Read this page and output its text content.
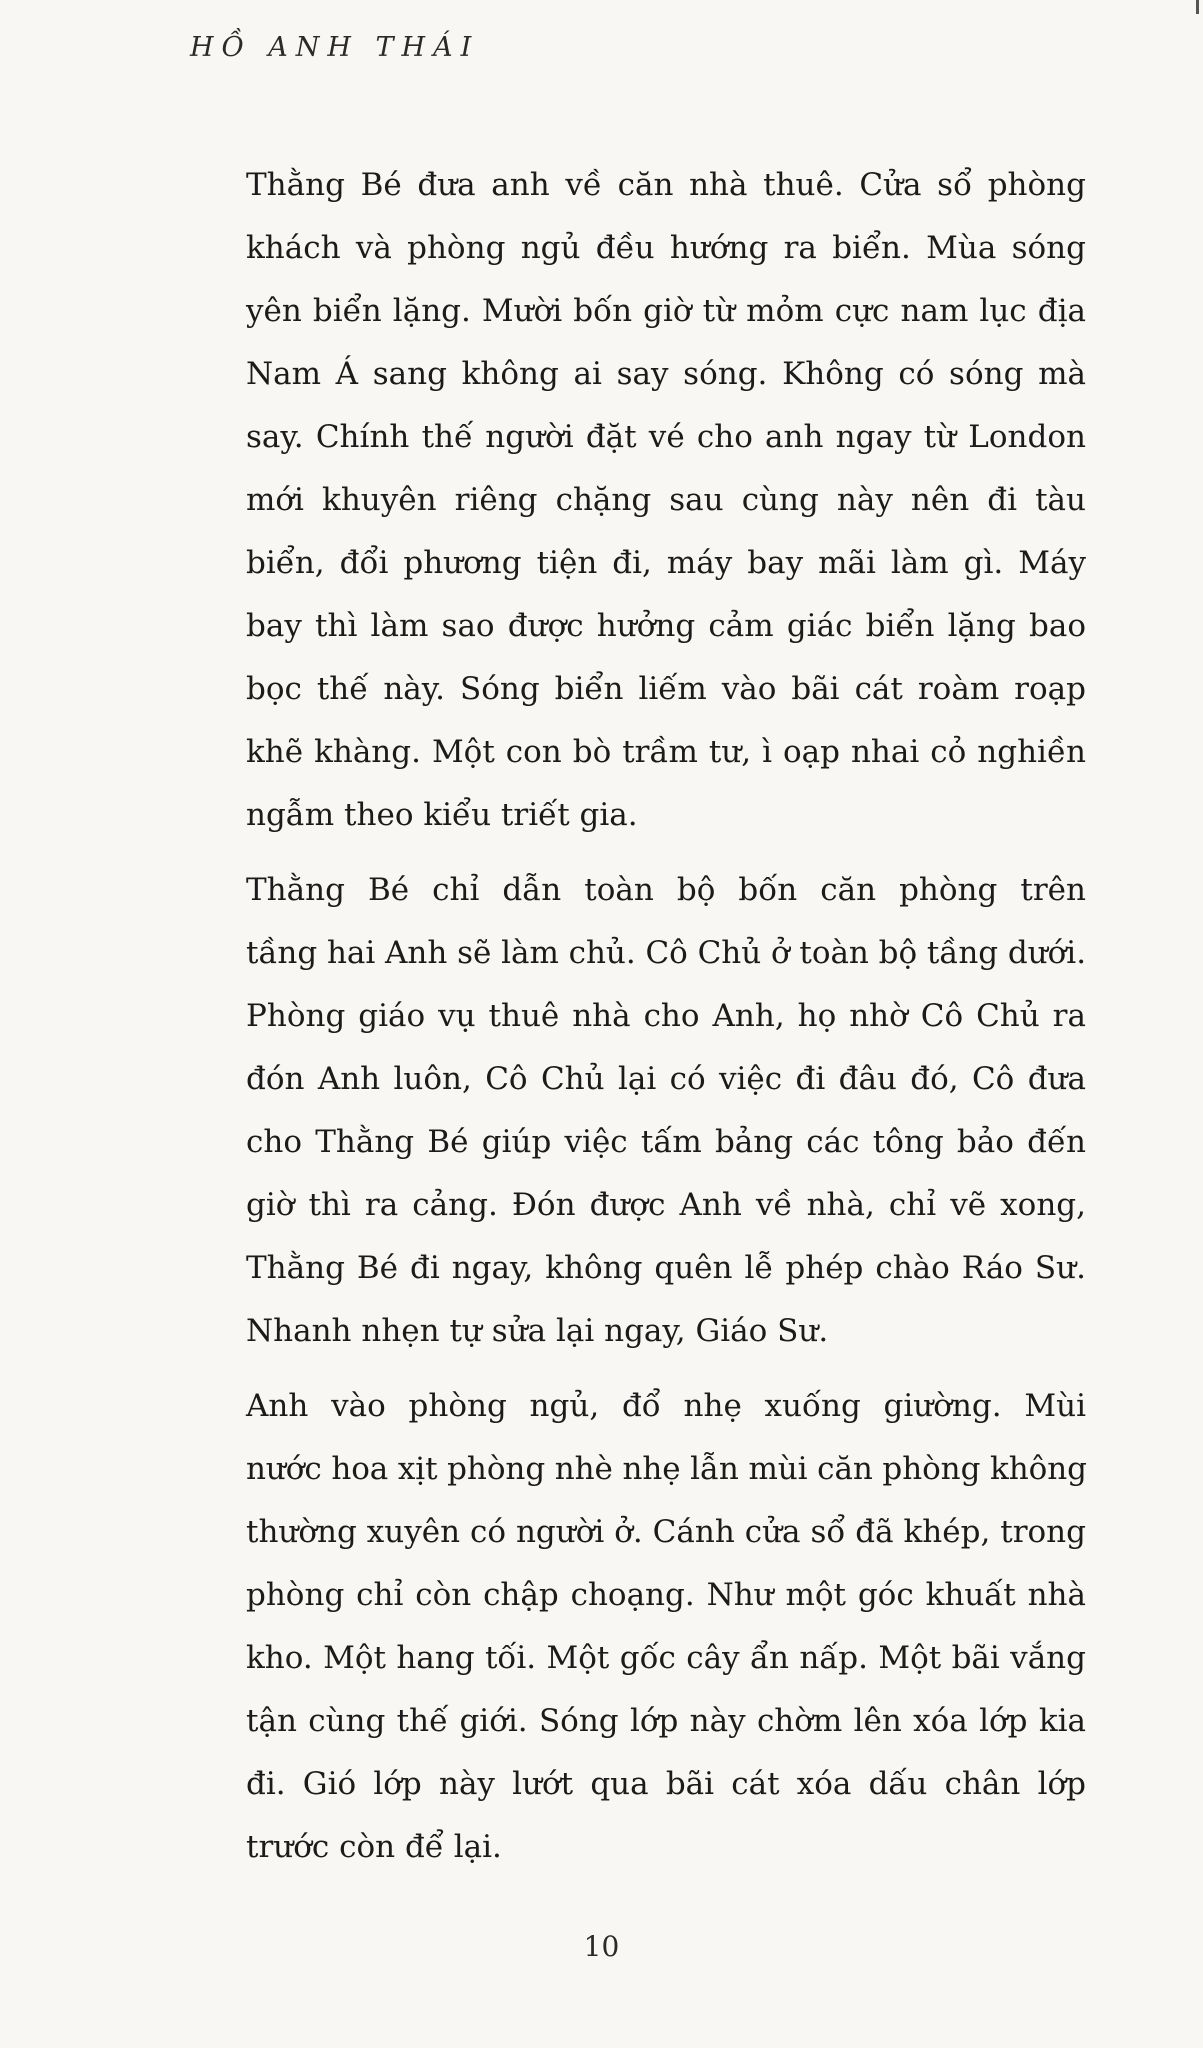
HỒ ANH THÁI

Thằng Bé đưa anh về căn nhà thuê. Cửa sổ phòng
khách và phòng ngủ đều hướng ra biển. Mùa sóng
yên biển lặng. Mười bốn giờ từ mỏm cực nam lục địa
Nam Á sang không ai say sóng. Không có sóng mà
say. Chính thế người đặt vé cho anh ngay từ London
mới khuyên riêng chặng sau cùng này nên đi tàu
biển, đổi phương tiện đi, máy bay mãi làm gì. Máy
bay thì làm sao được hưởng cảm giác biển lặng bao
bọc thế này. Sóng biển liếm vào bãi cát roàm roạp
khẽ khàng. Một con bò trầm tư, ì oạp nhai cỏ nghiền
ngẫm theo kiểu triết gia.

Thằng Bé chỉ dẫn toàn bộ bốn căn phòng trên
tầng hai Anh sẽ làm chủ. Cô Chủ ở toàn bộ tầng dưới.
Phòng giáo vụ thuê nhà cho Anh, họ nhờ Cô Chủ ra
đón Anh luôn, Cô Chủ lại có việc đi đâu đó, Cô đưa
cho Thằng Bé giúp việc tấm bảng các tông bảo đến
giờ thì ra cảng. Đón được Anh về nhà, chỉ vẽ xong,
Thằng Bé đi ngay, không quên lễ phép chào Ráo Sư.
Nhanh nhẹn tự sửa lại ngay, Giáo Sư.

Anh vào phòng ngủ, đổ nhẹ xuống giường. Mùi
nước hoa xịt phòng nhè nhẹ lẫn mùi căn phòng không
thường xuyên có người ở. Cánh cửa sổ đã khép, trong
phòng chỉ còn chập choạng. Như một góc khuất nhà
kho. Một hang tối. Một gốc cây ẩn nấp. Một bãi vắng
tận cùng thế giới. Sóng lớp này chờm lên xóa lớp kia
đi. Gió lớp này lướt qua bãi cát xóa dấu chân lớp
trước còn để lại.

10
